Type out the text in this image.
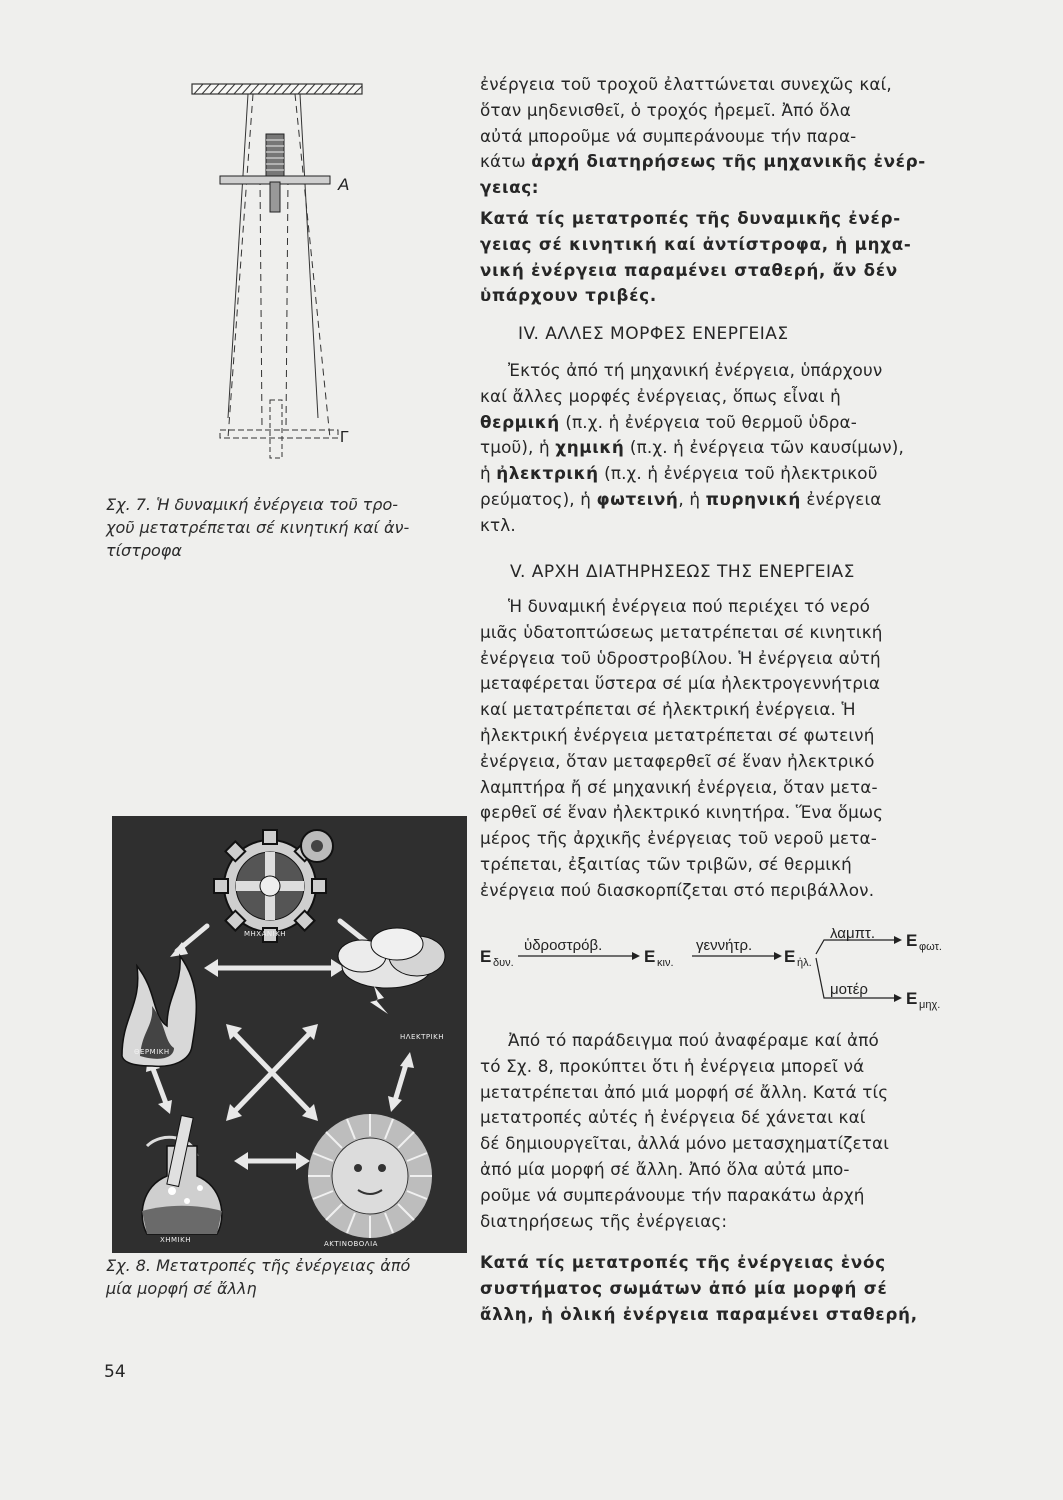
Α
Γ
Σχ. 7. Ἡ δυναμική ἐνέργεια τοῦ τρο-
χοῦ μετατρέπεται σέ κινητική καί ἀν-
τίστροφα
ΜΗΧΑΝΙΚΗ
ΘΕΡΜΙΚΗ
ΗΛΕΚΤΡΙΚΗ
ΧΗΜΙΚΗ	ΑΚΤΙΝΟΒΟΛΙΑ
Σχ. 8. Μετατροπές τῆς ἐνέργειας ἀπό
μία μορφή σέ ἄλλη
54
ἐνέργεια τοῦ τροχοῦ ἐλαττώνεται συνεχῶς καί,
ὅταν μηδενισθεῖ, ὁ τροχός ἠρεμεῖ. Ἀπό ὅλα
αὐτά μποροῦμε νά συμπεράνουμε τήν παρα-
κάτω ἀρχή διατηρήσεως τῆς μηχανικῆς ἐνέρ-
γειας:
Κατά τίς μετατροπές τῆς δυναμικῆς ἐνέρ-
γειας σέ κινητική καί ἀντίστροφα, ἡ μηχα-
νική ἐνέργεια παραμένει σταθερή, ἄν δέν
ὑπάρχουν τριβές.
IV. ΑΛΛΕΣ ΜΟΡΦΕΣ ΕΝΕΡΓΕΙΑΣ
Ἐκτός ἀπό τή μηχανική ἐνέργεια, ὑπάρχουν
καί ἄλλες μορφές ἐνέργειας, ὅπως εἶναι ἡ
θερμική (π.χ. ἡ ἐνέργεια τοῦ θερμοῦ ὑδρα-
τμοῦ), ἡ χημική (π.χ. ἡ ἐνέργεια τῶν καυσίμων),
ἡ ἠλεκτρική (π.χ. ἡ ἐνέργεια τοῦ ἠλεκτρικοῦ
ρεύματος), ἡ φωτεινή, ἡ πυρηνική ἐνέργεια
κτλ.
V. ΑΡΧΗ ΔΙΑΤΗΡΗΣΕΩΣ ΤΗΣ ΕΝΕΡΓΕΙΑΣ
Ἡ δυναμική ἐνέργεια πού περιέχει τό νερό
μιᾶς ὑδατοπτώσεως μετατρέπεται σέ κινητική
ἐνέργεια τοῦ ὑδροστροβίλου. Ἡ ἐνέργεια αὐτή
μεταφέρεται ὕστερα σέ μία ἠλεκτρογεννήτρια
καί μετατρέπεται σέ ἠλεκτρική ἐνέργεια. Ἡ
ἠλεκτρική ἐνέργεια μετατρέπεται σέ φωτεινή
ἐνέργεια, ὅταν μεταφερθεῖ σέ ἕναν ἠλεκτρικό
λαμπτήρα ἤ σέ μηχανική ἐνέργεια, ὅταν μετα-
φερθεῖ σέ ἕναν ἠλεκτρικό κινητήρα. Ἕνα ὅμως
μέρος τῆς ἀρχικῆς ἐνέργειας τοῦ νεροῦ μετα-
τρέπεται, ἐξαιτίας τῶν τριβῶν, σέ θερμική
ἐνέργεια πού διασκορπίζεται στό περιβάλλον.
Ε δυν.
ὑδροστρόβ.
Ε κιν.
γεννήτρ.
Ε ἠλ.
λαμπτ. Ε φωτ.
μοτέρ Ε μηχ.
Ἀπό τό παράδειγμα πού ἀναφέραμε καί ἀπό
τό Σχ. 8, προκύπτει ὅτι ἡ ἐνέργεια μπορεῖ νά
μετατρέπεται ἀπό μιά μορφή σέ ἄλλη. Κατά τίς
μετατροπές αὐτές ἡ ἐνέργεια δέ χάνεται καί
δέ δημιουργεῖται, ἀλλά μόνο μετασχηματίζεται
ἀπό μία μορφή σέ ἄλλη. Ἀπό ὅλα αὐτά μπο-
ροῦμε νά συμπεράνουμε τήν παρακάτω ἀρχή
διατηρήσεως τῆς ἐνέργειας:
Κατά τίς μετατροπές τῆς ἐνέργειας ἑνός
συστήματος σωμάτων ἀπό μία μορφή σέ
ἄλλη, ἡ ὁλική ἐνέργεια παραμένει σταθερή,
